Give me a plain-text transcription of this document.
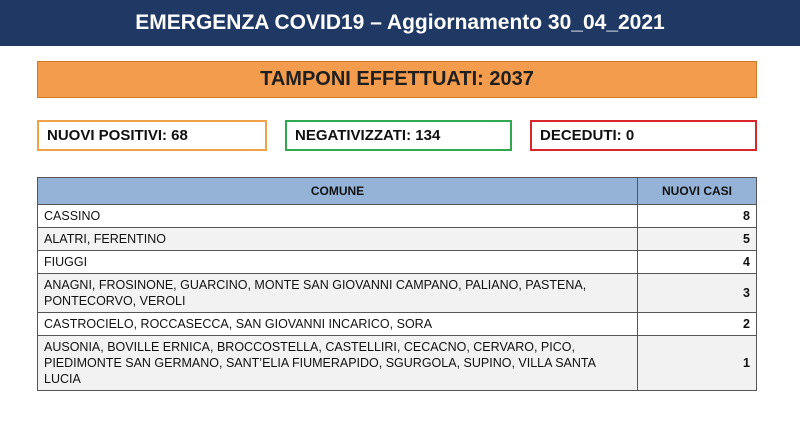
EMERGENZA COVID19 – Aggiornamento 30_04_2021
TAMPONI EFFETTUATI: 2037
NUOVI POSITIVI: 68	NEGATIVIZZATI: 134	DECEDUTI: 0
COMUNE	NUOVI CASI
CASSINO	8
ALATRI, FERENTINO	5
FIUGGI	4
ANAGNI, FROSINONE, GUARCINO, MONTE SAN GIOVANNI CAMPANO, PALIANO, PASTENA, PONTECORVO, VEROLI	3
CASTROCIELO, ROCCASECCA, SAN GIOVANNI INCARICO, SORA	2
AUSONIA, BOVILLE ERNICA, BROCCOSTELLA, CASTELLIRI, CECACNO, CERVARO, PICO, PIEDIMONTE SAN GERMANO, SANT’ELIA FIUMERAPIDO, SGURGOLA, SUPINO, VILLA SANTA LUCIA	1
